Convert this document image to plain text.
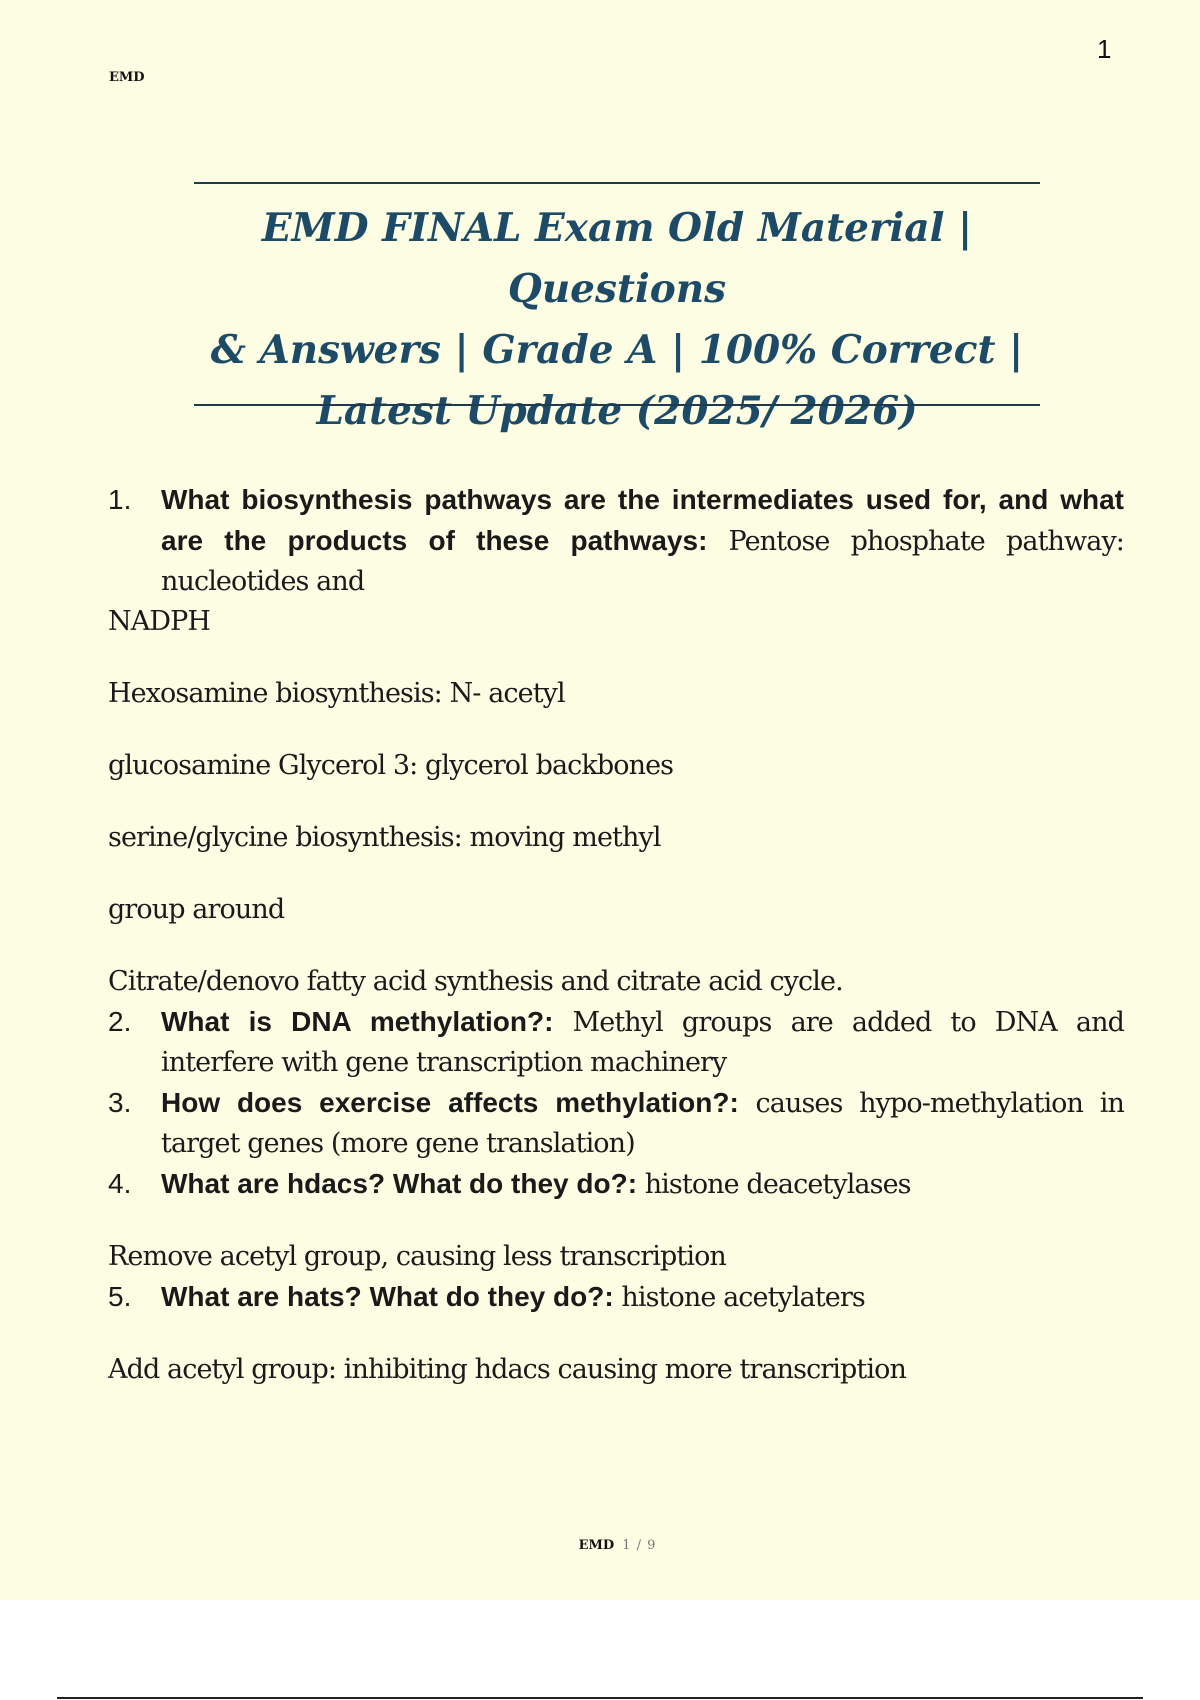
EMD
1
EMD FINAL Exam Old Material | Questions
& Answers | Grade A | 100% Correct |
Latest Update (2025/ 2026)
1.	What biosynthesis pathways are the intermediates used for, and what are the products of these pathways: Pentose phosphate pathway: nucleotides and

NADPH

Hexosamine biosynthesis: N- acetyl

glucosamine Glycerol 3: glycerol backbones

serine/glycine biosynthesis: moving methyl

group around

Citrate/denovo fatty acid synthesis and citrate acid cycle.

2.	What is DNA methylation?: Methyl groups are added to DNA and interfere with gene transcription machinery
3.	How does exercise affects methylation?: causes hypo-methylation in target genes (more gene translation)
4.	What are hdacs? What do they do?: histone deacetylases

Remove acetyl group, causing less transcription

5.	What are hats? What do they do?: histone acetylaters

Add acetyl group: inhibiting hdacs causing more transcription

EMD 1 / 9
